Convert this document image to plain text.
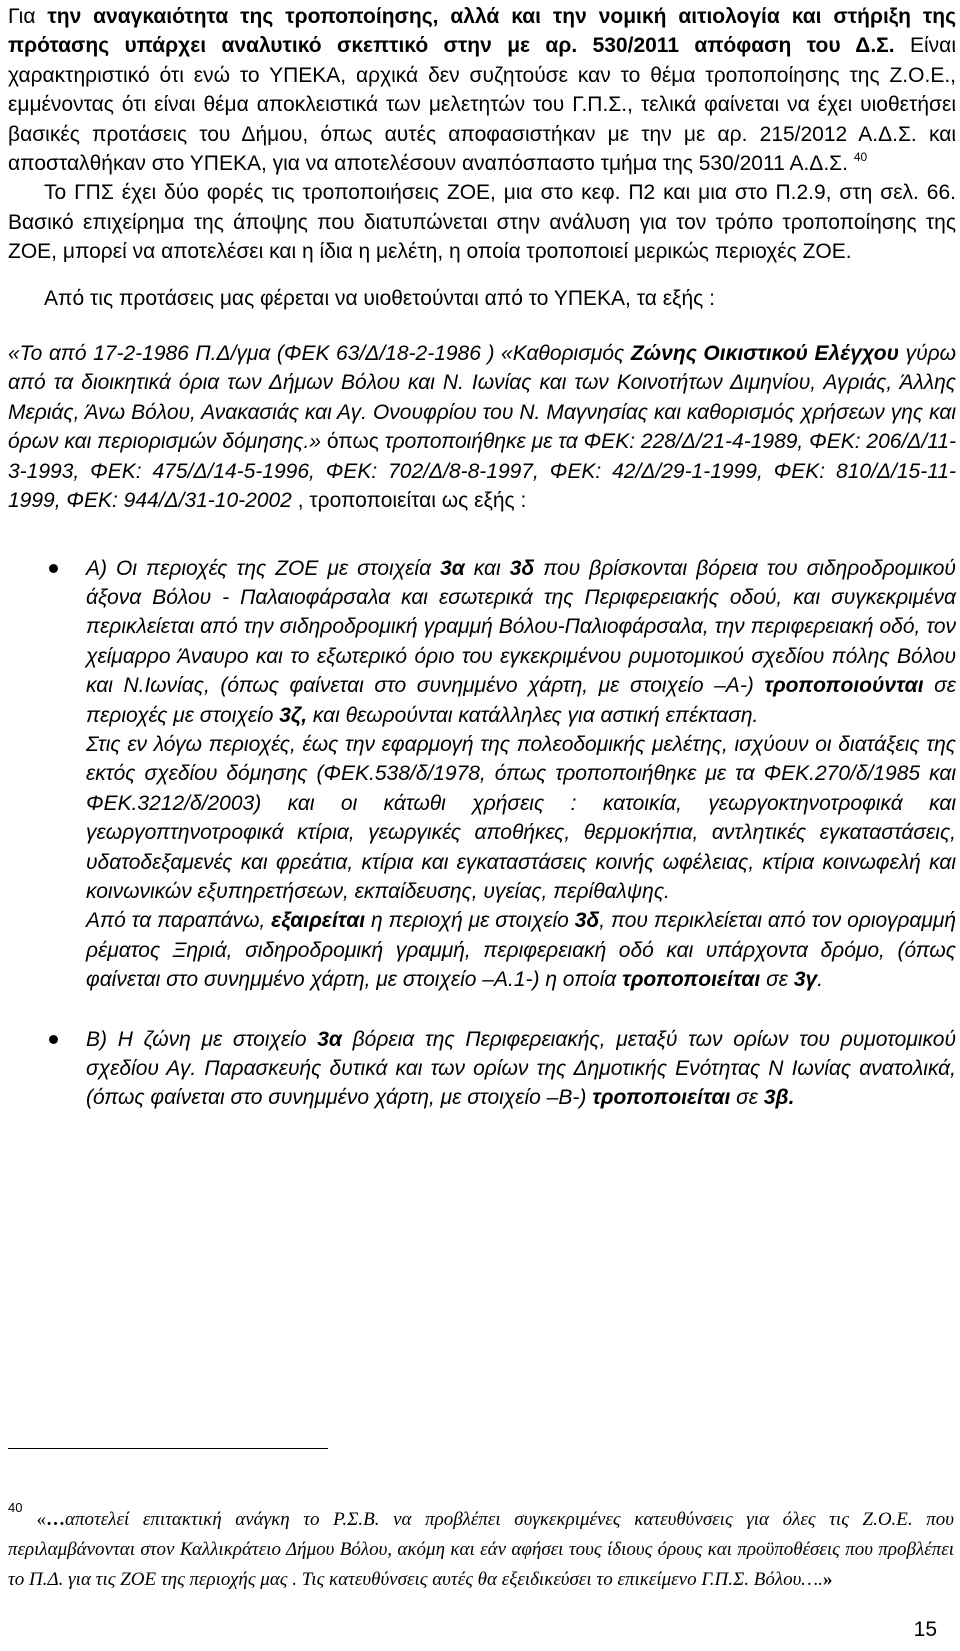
Για την αναγκαιότητα της τροποποίησης, αλλά και την νομική αιτιολογία και στήριξη της πρότασης υπάρχει αναλυτικό σκεπτικό στην με αρ. 530/2011 απόφαση του Δ.Σ. Είναι χαρακτηριστικό ότι ενώ το ΥΠΕΚΑ, αρχικά δεν συζητούσε καν το θέμα τροποποίησης της Ζ.Ο.Ε., εμμένοντας ότι είναι θέμα αποκλειστικά των μελετητών του Γ.Π.Σ., τελικά φαίνεται να έχει υιοθετήσει βασικές προτάσεις του Δήμου, όπως αυτές αποφασιστήκαν με την με αρ. 215/2012 Α.Δ.Σ. και αποσταλθήκαν στο ΥΠΕΚΑ, για να αποτελέσουν αναπόσπαστο τμήμα της 530/2011 Α.Δ.Σ. $^{40}$

Το ΓΠΣ έχει δύο φορές τις τροποποιήσεις ΖΟΕ, μια στο κεφ. Π2 και μια στο Π.2.9, στη σελ. 66. Βασικό επιχείρημα της άποψης που διατυπώνεται στην ανάλυση για τον τρόπο τροποποίησης της ΖΟΕ, μπορεί να αποτελέσει και η ίδια η μελέτη, η οποία τροποποιεί μερικώς περιοχές ΖΟΕ.

Από τις προτάσεις μας φέρεται να υιοθετούνται από το ΥΠΕΚΑ, τα εξής :

«Το από 17-2-1986 Π.Δ/γμα (ΦΕΚ 63/Δ/18-2-1986 ) «Καθορισμός Ζώνης Οικιστικού Ελέγχου γύρω από τα διοικητικά όρια των Δήμων Βόλου και Ν. Ιωνίας και των Κοινοτήτων Διμηνίου, Αγριάς, Άλλης Μεριάς, Άνω Βόλου, Ανακασιάς και Αγ. Ονουφρίου του Ν. Μαγνησίας και καθορισμός χρήσεων γης και όρων και περιορισμών δόμησης.» όπως τροποποιήθηκε με τα ΦΕΚ: 228/Δ/21-4-1989, ΦΕΚ: 206/Δ/11-3-1993, ΦΕΚ: 475/Δ/14-5-1996, ΦΕΚ: 702/Δ/8-8-1997, ΦΕΚ: 42/Δ/29-1-1999, ΦΕΚ: 810/Δ/15-11-1999, ΦΕΚ: 944/Δ/31-10-2002 , τροποποιείται ως εξής :

Α) Οι περιοχές της ΖΟΕ με στοιχεία 3α και 3δ που βρίσκονται βόρεια του σιδηροδρομικού άξονα Βόλου - Παλαιοφάρσαλα και εσωτερικά της Περιφερειακής οδού, και συγκεκριμένα περικλείεται από την σιδηροδρομική γραμμή Βόλου-Παλιοφάρσαλα, την περιφερειακή οδό, τον χείμαρρο Άναυρο και το εξωτερικό όριο του εγκεκριμένου ρυμοτομικού σχεδίου πόλης Βόλου και Ν.Ιωνίας, (όπως φαίνεται στο συνημμένο χάρτη, με στοιχείο –Α-) τροποποιούνται σε περιοχές με στοιχείο 3ζ, και θεωρούνται κατάλληλες για αστική επέκταση.

Στις εν λόγω περιοχές, έως την εφαρμογή της πολεοδομικής μελέτης, ισχύουν οι διατάξεις της εκτός σχεδίου δόμησης (ΦΕΚ.538/δ/1978, όπως τροποποιήθηκε με τα ΦΕΚ.270/δ/1985 και ΦΕΚ.3212/δ/2003) και οι κάτωθι χρήσεις : κατοικία, γεωργοκτηνοτροφικά και γεωργοπτηνοτροφικά κτίρια, γεωργικές αποθήκες, θερμοκήπια, αντλητικές εγκαταστάσεις, υδατοδεξαμενές και φρεάτια, κτίρια και εγκαταστάσεις κοινής ωφέλειας, κτίρια κοινωφελή και κοινωνικών εξυπηρετήσεων, εκπαίδευσης, υγείας, περίθαλψης.

Από τα παραπάνω, εξαιρείται η περιοχή με στοιχείο 3δ, που περικλείεται από τον οριογραμμή ρέματος Ξηριά, σιδηροδρομική γραμμή, περιφερειακή οδό και υπάρχοντα δρόμο, (όπως φαίνεται στο συνημμένο χάρτη, με στοιχείο –Α.1-) η οποία τροποποιείται σε 3γ.

Β) Η ζώνη με στοιχείο 3α βόρεια της Περιφερειακής, μεταξύ των ορίων του ρυμοτομικού σχεδίου Αγ. Παρασκευής δυτικά και των ορίων της Δημοτικής Ενότητας Ν Ιωνίας ανατολικά, (όπως φαίνεται στο συνημμένο χάρτη, με στοιχείο –Β-) τροποποιείται σε 3β.

$^{40}$«…αποτελεί επιτακτική ανάγκη το Ρ.Σ.Β. να προβλέπει συγκεκριμένες κατευθύνσεις για όλες τις Ζ.Ο.Ε. που περιλαμβάνονται στον Καλλικράτειο Δήμου Βόλου, ακόμη και εάν αφήσει τους ίδιους όρους και προϋποθέσεις που προβλέπει το Π.Δ. για τις ΖΟΕ της περιοχής μας . Τις κατευθύνσεις αυτές θα εξειδικεύσει το επικείμενο Γ.Π.Σ. Βόλου….»
15
